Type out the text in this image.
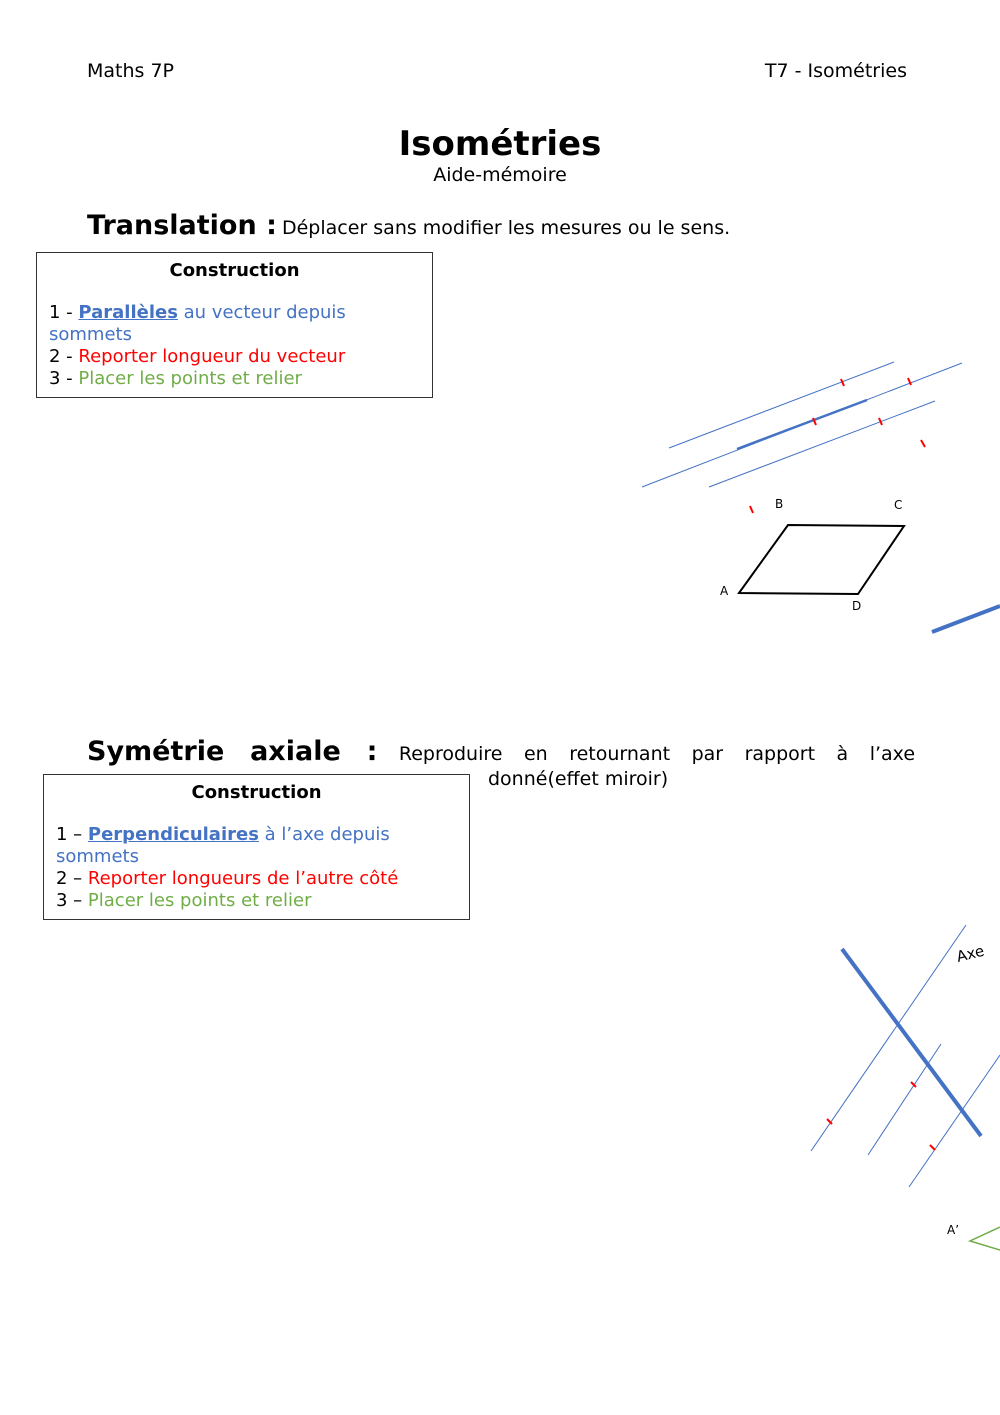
Maths 7P	T7 - Isométries
Isométries
Aide-mémoire
Translation : Déplacer sans modifier les mesures ou le sens.
Construction
1 - Parallèles au vecteur depuis sommets
2 - Reporter longueur du vecteur
3 - Placer les points et relier
Symétrie axiale : Reproduire en retournant par rapport à l’axe
donné(effet miroir)
Construction
1 – Perpendiculaires à l’axe depuis sommets
2 – Reporter longueurs de l’autre côté
3 – Placer les points et relier
A
B	C
D
Axe
A’
